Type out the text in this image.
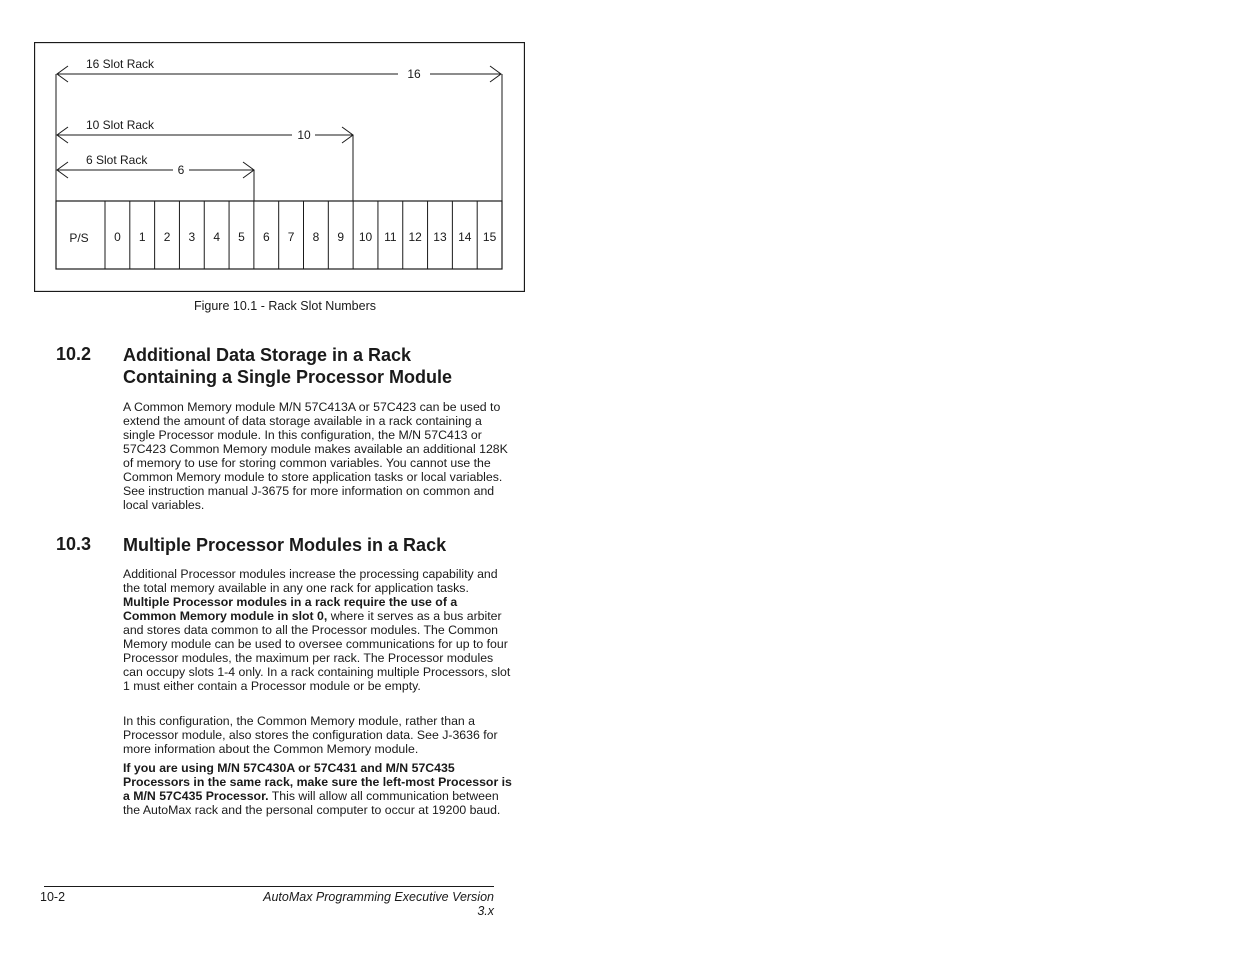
16 Slot Rack
16
10 Slot Rack
10
6 Slot Rack
6
P/S 0 1 2 3 4 5 6 7 8 9 10 11 12 13 14 15
Figure 10.1 - Rack Slot Numbers
10.2 Additional Data Storage in a Rack
Containing a Single Processor Module

A Common Memory module M/N 57C413A or 57C423 can be used to extend the amount of data storage available in a rack containing a single Processor module. In this configuration, the M/N 57C413 or 57C423 Common Memory module makes available an additional 128K of memory to use for storing common variables. You cannot use the Common Memory module to store application tasks or local variables. See instruction manual J-3675 for more information on common and local variables.

10.3 Multiple Processor Modules in a Rack

Additional Processor modules increase the processing capability and the total memory available in any one rack for application tasks. Multiple Processor modules in a rack require the use of a Common Memory module in slot 0, where it serves as a bus arbiter and stores data common to all the Processor modules. The Common Memory module can be used to oversee communications for up to four Processor modules, the maximum per rack. The Processor modules can occupy slots 1-4 only. In a rack containing multiple Processors, slot 1 must either contain a Processor module or be empty.

In this configuration, the Common Memory module, rather than a Processor module, also stores the configuration data. See J-3636 for more information about the Common Memory module.

If you are using M/N 57C430A or 57C431 and M/N 57C435 Processors in the same rack, make sure the left-most Processor is a M/N 57C435 Processor. This will allow all communication between the AutoMax rack and the personal computer to occur at 19200 baud.

10-2	AutoMax Programming Executive Version 3.x
